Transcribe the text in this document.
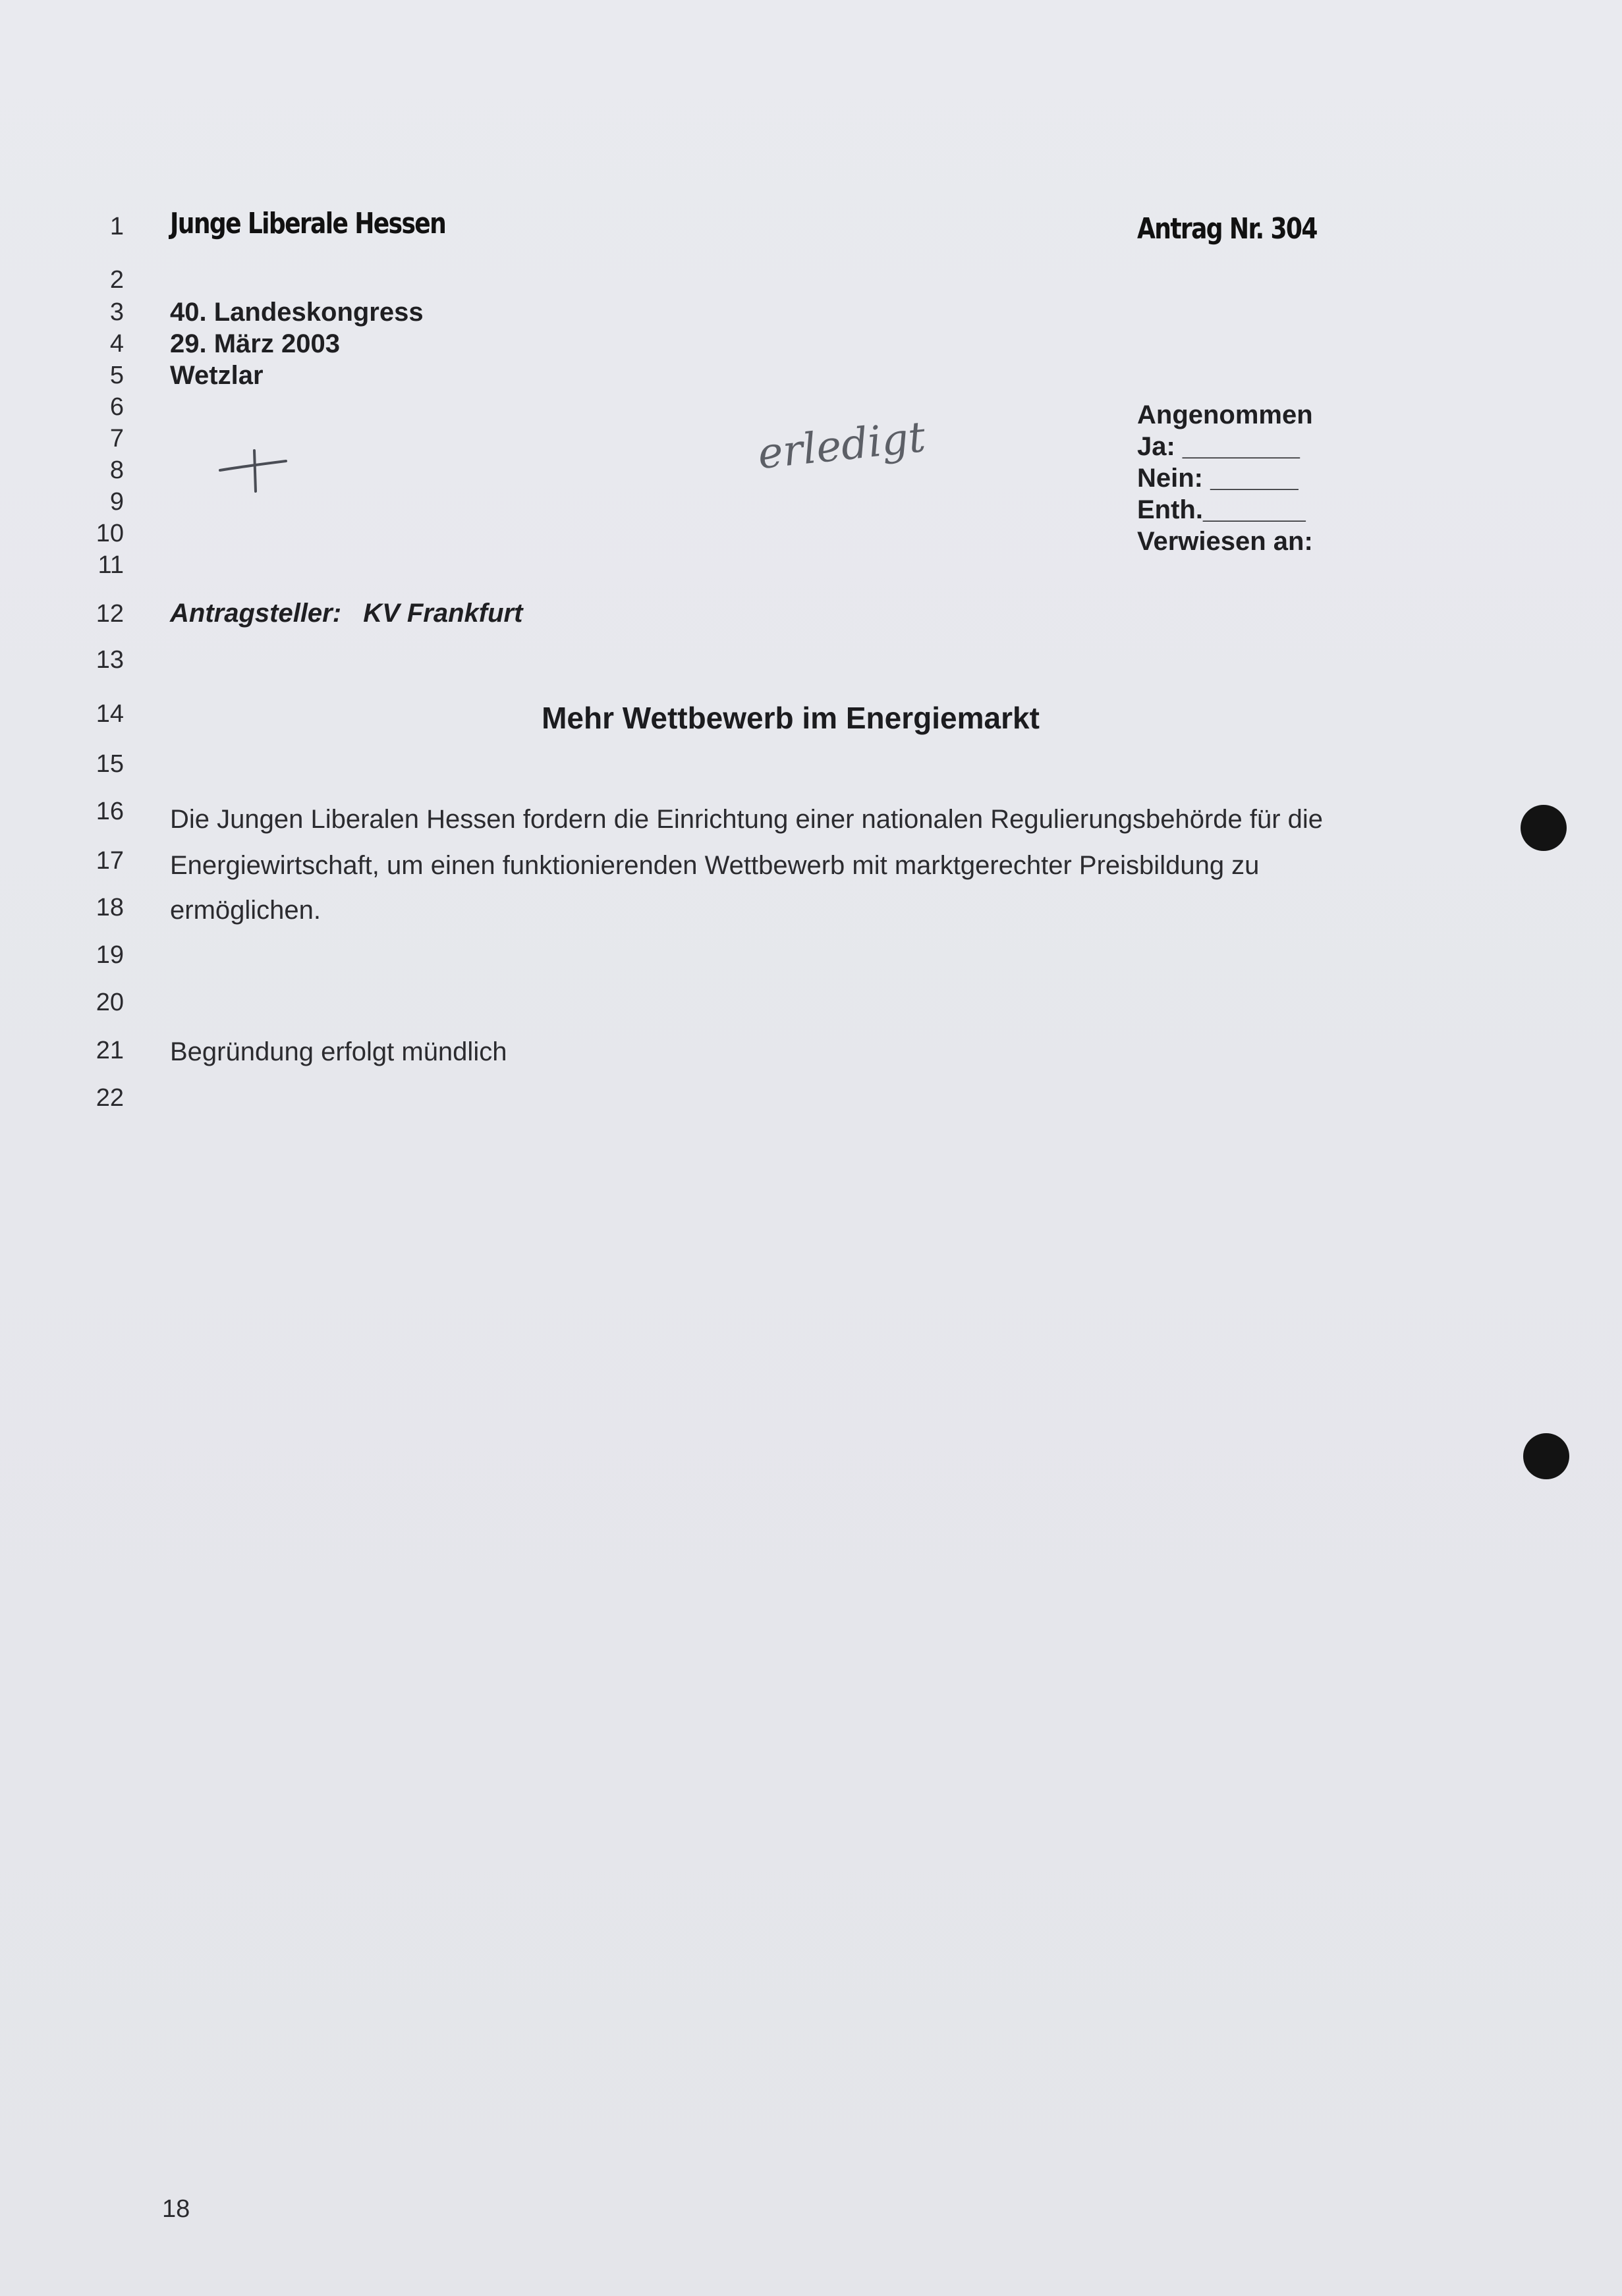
1
2
3
4
5
6
7
8
9
10
11
12
13
14
15
16
17
18
19
20
21
22
Junge Liberale Hessen	Antrag Nr. 304
40. Landeskongress
29. März 2003
Wetzlar
Angenommen
Ja: ________
Nein: ______
Enth._______
Verwiesen an:
erledigt
Antragsteller: KV Frankfurt
Mehr Wettbewerb im Energiemarkt
Die Jungen Liberalen Hessen fordern die Einrichtung einer nationalen Regulierungsbehörde für die
Energiewirtschaft, um einen funktionierenden Wettbewerb mit marktgerechter Preisbildung zu
ermöglichen.
Begründung erfolgt mündlich
18
